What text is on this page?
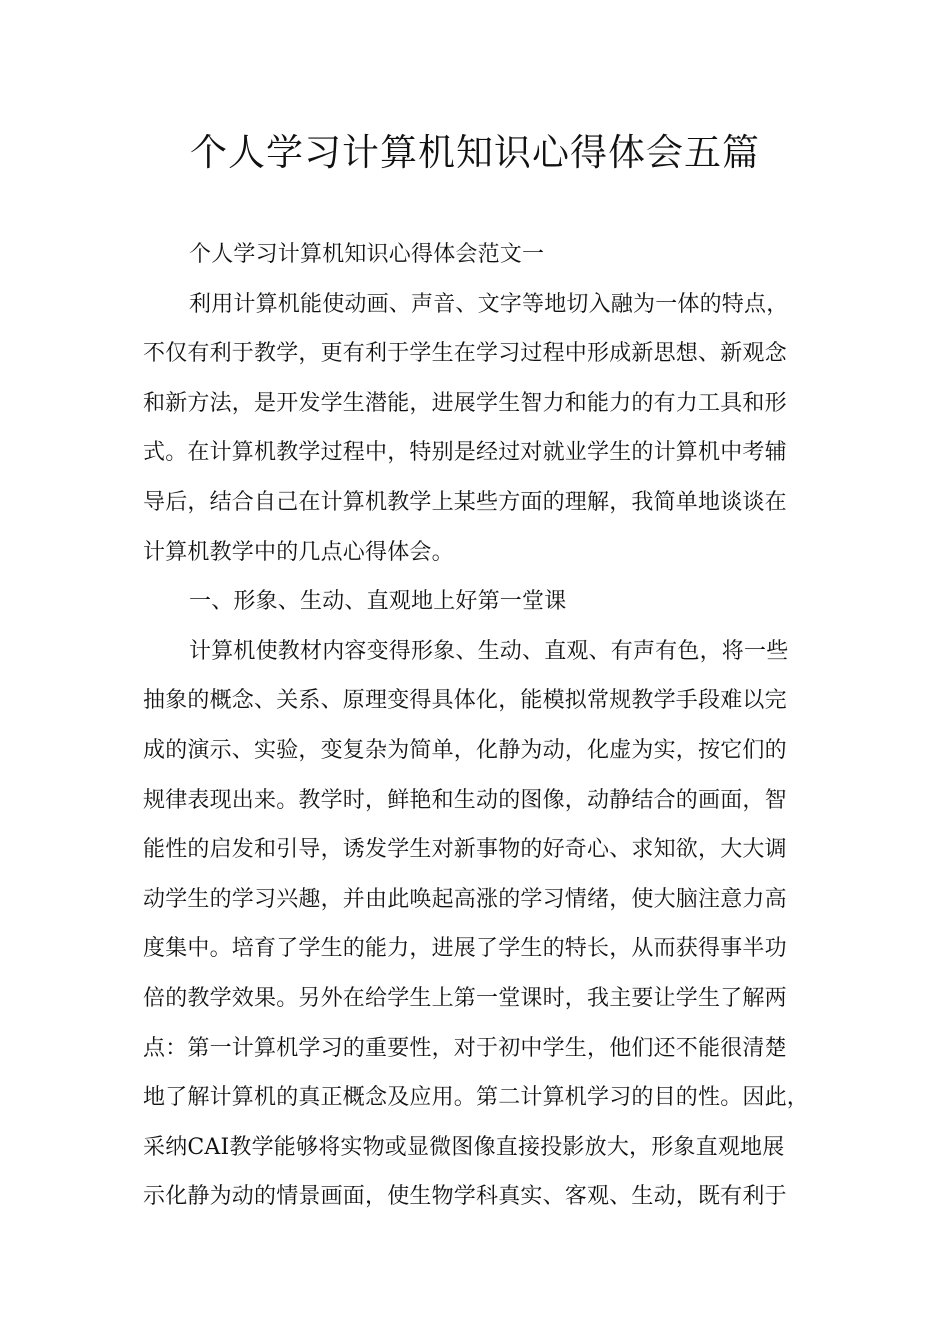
个人学习计算机知识心得体会五篇
个人学习计算机知识心得体会范文一
利用计算机能使动画、声音、文字等地切入融为一体的特点，
不仅有利于教学，更有利于学生在学习过程中形成新思想、新观念
和新方法，是开发学生潜能，进展学生智力和能力的有力工具和形
式。在计算机教学过程中，特别是经过对就业学生的计算机中考辅
导后，结合自己在计算机教学上某些方面的理解，我简单地谈谈在
计算机教学中的几点心得体会。
一、形象、生动、直观地上好第一堂课
计算机使教材内容变得形象、生动、直观、有声有色，将一些
抽象的概念、关系、原理变得具体化，能模拟常规教学手段难以完
成的演示、实验，变复杂为简单，化静为动，化虚为实，按它们的
规律表现出来。教学时，鲜艳和生动的图像，动静结合的画面，智
能性的启发和引导，诱发学生对新事物的好奇心、求知欲，大大调
动学生的学习兴趣，并由此唤起高涨的学习情绪，使大脑注意力高
度集中。培育了学生的能力，进展了学生的特长，从而获得事半功
倍的教学效果。另外在给学生上第一堂课时，我主要让学生了解两
点：第一计算机学习的重要性，对于初中学生，他们还不能很清楚
地了解计算机的真正概念及应用。第二计算机学习的目的性。因此，
采纳CAI教学能够将实物或显微图像直接投影放大，形象直观地展
示化静为动的情景画面，使生物学科真实、客观、生动，既有利于
